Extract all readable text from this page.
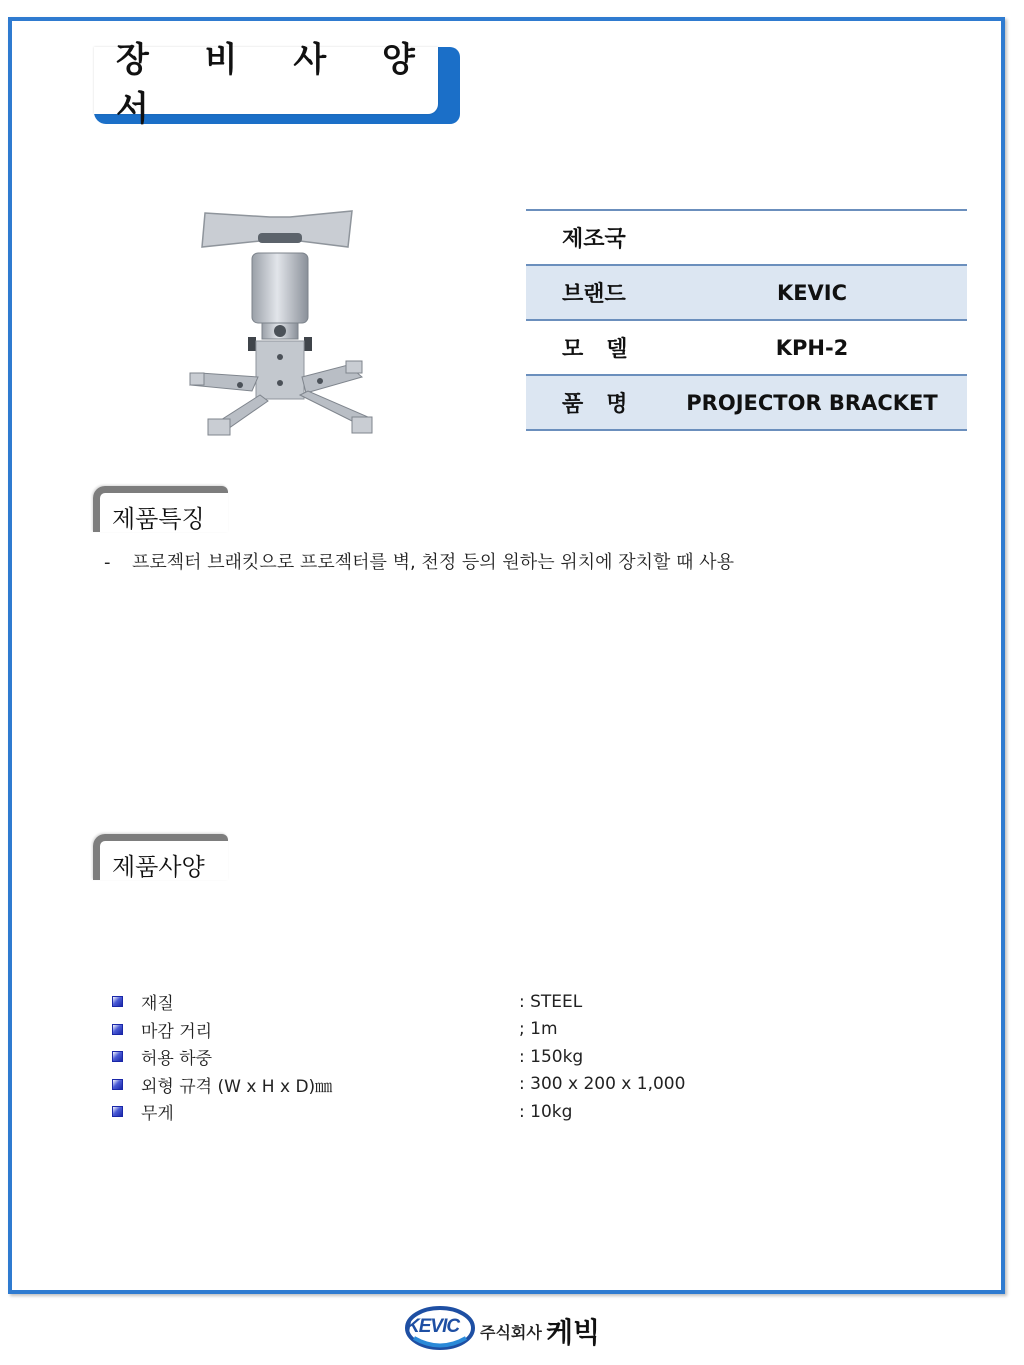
장 비 사 양 서
제조국	
브랜드	KEVIC
모   델	KPH-2
품   명	PROJECTOR BRACKET
제품특징
- 프로젝터 브래킷으로 프로젝터를 벽, 천정 등의 원하는 위치에 장치할 때 사용
제품사양
재질	: STEEL
마감 거리	; 1m
허용 하중	: 150kg
외형 규격 (W x H x D)㎜	: 300 x 200 x 1,000
무게	: 10kg
KEVIC 주식회사 케빅
